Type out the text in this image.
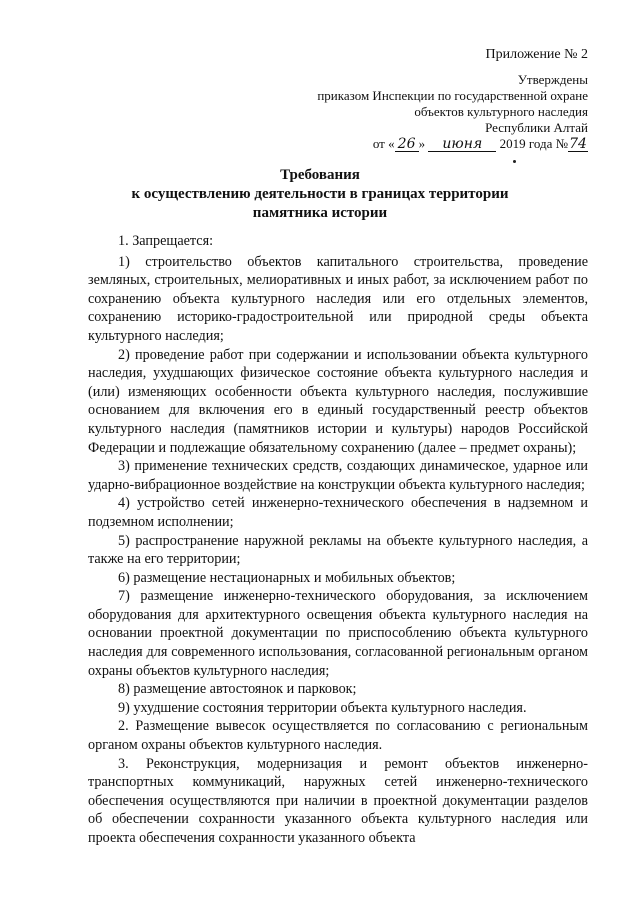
Приложение № 2
Утверждены
приказом Инспекции по государственной охране
объектов культурного наследия
Республики Алтай
от « 26 » июня 2019 года №74
Требования
к осуществлению деятельности в границах территории
памятника истории

1. Запрещается:

1) строительство объектов капитального строительства, проведение земляных, строительных, мелиоративных и иных работ, за исключением работ по сохранению объекта культурного наследия или его отдельных элементов, сохранению историко-градостроительной или природной среды объекта культурного наследия;

2) проведение работ при содержании и использовании объекта культурного наследия, ухудшающих физическое состояние объекта культурного наследия и (или) изменяющих особенности объекта культурного наследия, послужившие основанием для включения его в единый государственный реестр объектов культурного наследия (памятников истории и культуры) народов Российской Федерации и подлежащие обязательному сохранению (далее – предмет охраны);

3) применение технических средств, создающих динамическое, ударное или ударно-вибрационное воздействие на конструкции объекта культурного наследия;

4) устройство сетей инженерно-технического обеспечения в надземном и подземном исполнении;

5) распространение наружной рекламы на объекте культурного наследия, а также на его территории;

6) размещение нестационарных и мобильных объектов;

7) размещение инженерно-технического оборудования, за исключением оборудования для архитектурного освещения объекта культурного наследия на основании проектной документации по приспособлению объекта культурного наследия для современного использования, согласованной региональным органом охраны объектов культурного наследия;

8) размещение автостоянок и парковок;

9) ухудшение состояния территории объекта культурного наследия.

2. Размещение вывесок осуществляется по согласованию с региональным органом охраны объектов культурного наследия.

3. Реконструкция, модернизация и ремонт объектов инженерно-транспортных коммуникаций, наружных сетей инженерно-технического обеспечения осуществляются при наличии в проектной документации разделов об обеспечении сохранности указанного объекта культурного наследия или проекта обеспечения сохранности указанного объекта
